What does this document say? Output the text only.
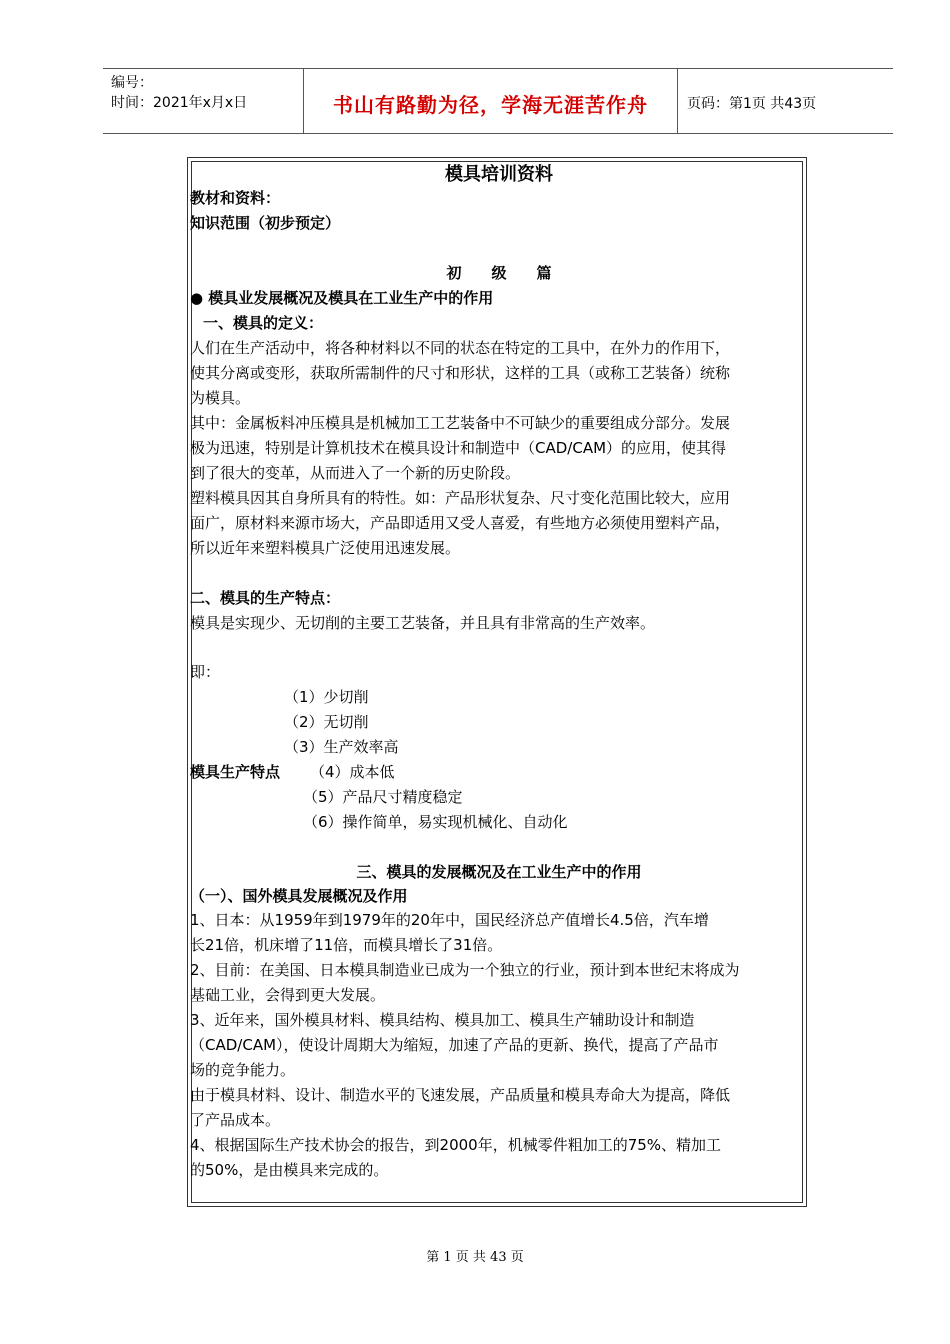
编号：
时间：2021年x月x日	书山有路勤为径，学海无涯苦作舟	页码：第1页 共43页
模具培训资料
教材和资料：
知识范围（初步预定）
初　　级　　篇
● 模具业发展概况及模具在工业生产中的作用
一、模具的定义：
人们在生产活动中，将各种材料以不同的状态在特定的工具中，在外力的作用下，
使其分离或变形，获取所需制件的尺寸和形状，这样的工具（或称工艺装备）统称
为模具。
其中：金属板料冲压模具是机械加工工艺装备中不可缺少的重要组成分部分。发展
极为迅速，特别是计算机技术在模具设计和制造中（CAD/CAM）的应用，使其得
到了很大的变革，从而进入了一个新的历史阶段。
塑料模具因其自身所具有的特性。如：产品形状复杂、尺寸变化范围比较大，应用
面广，原材料来源市场大，产品即适用又受人喜爱，有些地方必须使用塑料产品，
所以近年来塑料模具广泛使用迅速发展。
二、模具的生产特点：
模具是实现少、无切削的主要工艺装备，并且具有非常高的生产效率。
即：
（1）少切削
（2）无切削
（3）生产效率高
模具生产特点	（4）成本低
（5）产品尺寸精度稳定
（6）操作简单，易实现机械化、自动化
三、模具的发展概况及在工业生产中的作用
（一）、国外模具发展概况及作用
1、日本：从1959年到1979年的20年中，国民经济总产值增长4.5倍，汽车增
长21倍，机床增了11倍，而模具增长了31倍。
2、目前：在美国、日本模具制造业已成为一个独立的行业，预计到本世纪末将成为
基础工业，会得到更大发展。
3、近年来，国外模具材料、模具结构、模具加工、模具生产辅助设计和制造
（CAD/CAM），使设计周期大为缩短，加速了产品的更新、换代，提高了产品市
场的竞争能力。
由于模具材料、设计、制造水平的飞速发展，产品质量和模具寿命大为提高，降低
了产品成本。
4、根据国际生产技术协会的报告，到2000年，机械零件粗加工的75%、精加工
的50%，是由模具来完成的。
第 1 页 共 43 页
